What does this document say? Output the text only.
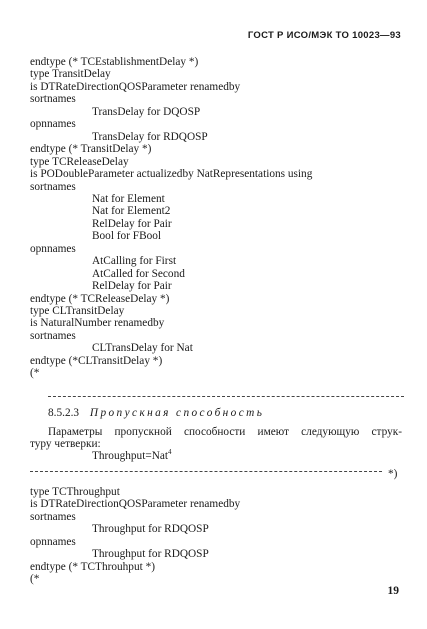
ГОСТ Р ИСО/МЭК ТО 10023—93
endtype (* TCEstablishmentDelay *)
type TransitDelay
is DTRateDirectionQOSParameter renamedby
sortnames
TransDelay for DQOSP
opnnames
TransDelay for RDQOSP
endtype (* TransitDelay *)
type TCReleaseDelay
is PODoubleParameter actualizedby NatRepresentations using
sortnames
Nat for Element
Nat for Element2
RelDelay for Pair
Bool for FBool
opnnames
AtCalling for First
AtCalled for Second
RelDelay for Pair
endtype (* TCReleaseDelay *)
type CLTransitDelay
is NaturalNumber renamedby
sortnames
CLTransDelay for Nat
endtype (*CLTransitDelay *)
(*
8.5.2.3 Пропускная способность
Параметры пропускной способности имеют следующую струк-
туру четверки:
Throughput=Nat$^4$
*)
type TCThroughput
is DTRateDirectionQOSParameter renamedby
sortnames
Throughput for RDQOSP
opnnames
Throughput for RDQOSP
endtype (* TCThrouhput *)
(*
19
